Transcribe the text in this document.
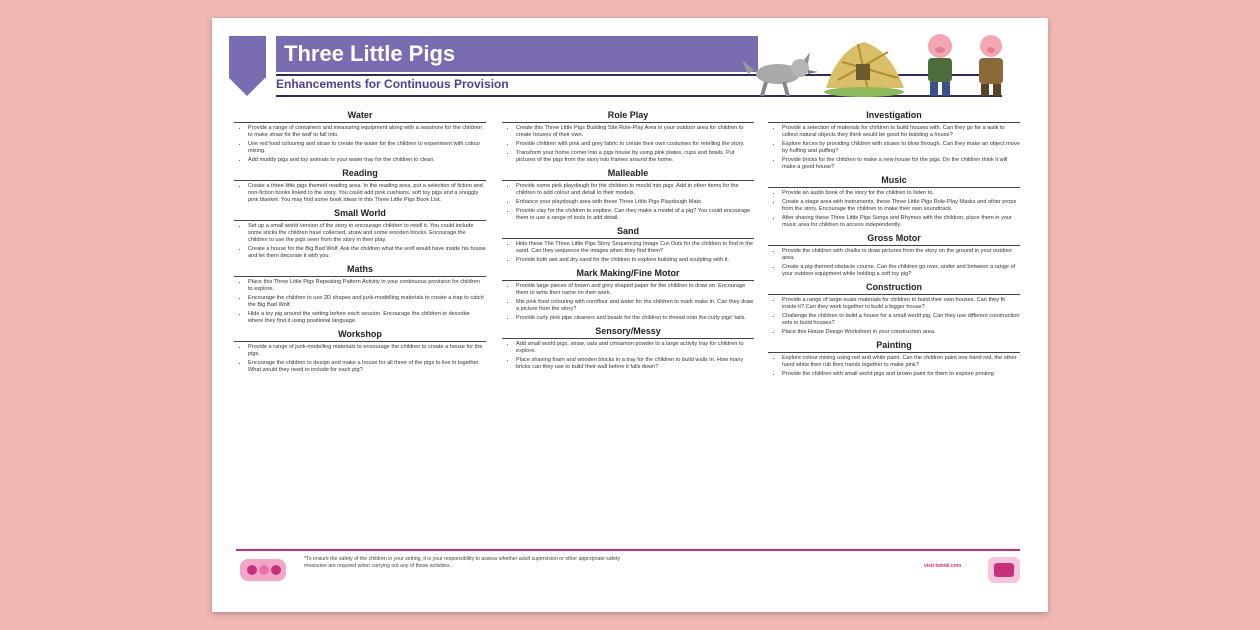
Three Little Pigs
Enhancements for Continuous Provision
Water
• Provide a range of containers and measuring equipment along with a seashore for the children to make straw for the wolf to fall into.
• Use red food colouring and straw to create the water for the children to experiment with colour mixing.
• Add muddy pigs and toy animals to your water tray for the children to clean.
Reading
• Create a three little pigs themed reading area. In the reading area, put a selection of fiction and non-fiction books linked to the story. You could add pink cushions, soft toy pigs and a snuggly pink blanket. You may find some book ideas in this Three Little Pigs Book List.
Small World
• Set up a small world version of the story to encourage children to retell it. You could include some sticks the children have collected, straw and some wooden blocks. Encourage the children to use the pigs seen from the story in their play.
• Create a house for the Big Bad Wolf. Ask the children what the wolf would have inside his house and let them decorate it with you.
Maths
• Place this Three Little Pigs Repeating Pattern Activity in your continuous provision for children to explore.
• Encourage the children to use 2D shapes and junk-modelling materials to create a trap to catch the Big Bad Wolf.
• Hide a toy pig around the setting before each session. Encourage the children to describe where they find it using positional language.
Workshop
• Provide a range of junk-modelling materials to encourage the children to create a house for the pigs.
• Encourage the children to design and make a house for all three of the pigs to live in together. What would they need to include for each pig?
Role Play
• Create this Three Little Pigs Building Site Role-Play Area in your outdoor area for children to create houses of their own.
• Provide children with pink and grey fabric to create their own costumes for retelling the story.
• Transform your home corner into a pigs house by using pink plates, cups and bowls. Put pictures of the pigs from the story into frames around the home.
Malleable
• Provide some pink playdough for the children to mould into pigs. Add in other items for the children to add colour and detail to their models.
• Enhance your playdough area with these Three Little Pigs Playdough Mats.
• Provide clay for the children to explore. Can they make a model of a pig? You could encourage them to use a range of tools to add detail.
Sand
• Hide these The Three Little Pigs Story Sequencing Image Cut-Outs for the children to find in the sand. Can they sequence the images when they find them?
• Provide both wet and dry sand for the children to explore building and sculpting with it.
Mark Making/Fine Motor
• Provide large pieces of brown and grey shaped paper for the children to draw on. Encourage them to write their name on their work.
• Mix pink food colouring with cornflour and water for the children to mark make in. Can they draw a picture from the story?
• Provide curly pink pipe cleaners and beads for the children to thread onto the curly pigs' tails.
Sensory/Messy
• Add small world pigs, straw, oats and cinnamon powder to a large activity tray for children to explore.
• Place shaving foam and wooden blocks in a tray for the children to build walls in. How many bricks can they use to build their wall before it falls down?
Investigation
• Provide a selection of materials for children to build houses with. Can they go for a walk to collect natural objects they think would be good for building a house?
• Explore forces by providing children with straws to blow through. Can they make an object move by huffing and puffing?
• Provide bricks for the children to make a new house for the pigs. Do the children think it will make a good house?
Music
• Provide an audio book of the story for the children to listen to.
• Create a stage area with instruments, these Three Little Pigs Role-Play Masks and other props from the story. Encourage the children to make their own soundtrack.
• After sharing these Three Little Pigs Songs and Rhymes with the children, place them in your music area for children to access independently.
Gross Motor
• Provide the children with chalks to draw pictures from the story on the ground in your outdoor area.
• Create a pig-themed obstacle course. Can the children go over, under and between a range of your outdoor equipment while holding a soft toy pig?
Construction
• Provide a range of large-scale materials for children to build their own houses. Can they fit inside it? Can they work together to build a bigger house?
• Challenge the children to build a house for a small world pig. Can they use different construction sets to build houses?
• Place this House Design Worksheet in your construction area.
Painting
• Explore colour mixing using red and white paint. Can the children paint one hand red, the other hand white then rub their hands together to make pink?
• Provide the children with small world pigs and brown paint for them to explore printing.
*To ensure the safety of the children in your setting, it is your responsibility to assess whether adult supervision or other appropriate safety measures are required when carrying out any of these activities.	visit twinkl.com
